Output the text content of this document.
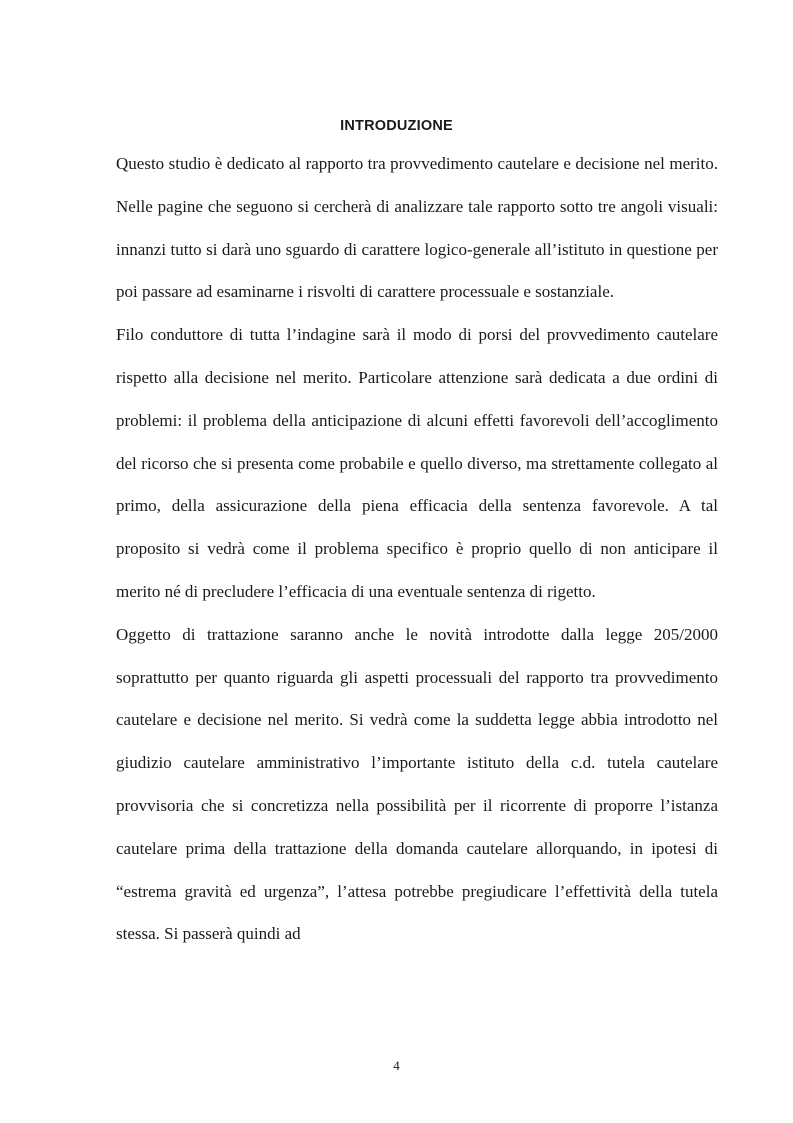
INTRODUZIONE

Questo studio è dedicato al rapporto tra provvedimento cautelare e decisione nel merito. Nelle pagine che seguono si cercherà di analizzare tale rapporto sotto tre angoli visuali: innanzi tutto si darà uno sguardo di carattere logico-generale all’istituto in questione per poi passare ad esaminarne i risvolti di carattere processuale e sostanziale.

Filo conduttore di tutta l’indagine sarà il modo di porsi del provvedimento cautelare rispetto alla decisione nel merito. Particolare attenzione sarà dedicata a due ordini di problemi: il problema della anticipazione di alcuni effetti favorevoli dell’accoglimento del ricorso che si presenta come probabile e quello diverso, ma strettamente collegato al primo, della assicurazione della piena efficacia della sentenza favorevole. A tal proposito si vedrà come il problema specifico è proprio quello di non anticipare il merito né di precludere l’efficacia di una eventuale sentenza di rigetto.

Oggetto di trattazione saranno anche le novità introdotte dalla legge 205/2000 soprattutto per quanto riguarda gli aspetti processuali del rapporto tra provvedimento cautelare e decisione nel merito. Si vedrà come la suddetta legge abbia introdotto nel giudizio cautelare amministrativo l’importante istituto della c.d. tutela cautelare provvisoria che si concretizza nella possibilità per il ricorrente di proporre l’istanza cautelare prima della trattazione della domanda cautelare allorquando, in ipotesi di “estrema gravità ed urgenza”, l’attesa potrebbe pregiudicare l’effettività della tutela stessa. Si passerà quindi ad

4
